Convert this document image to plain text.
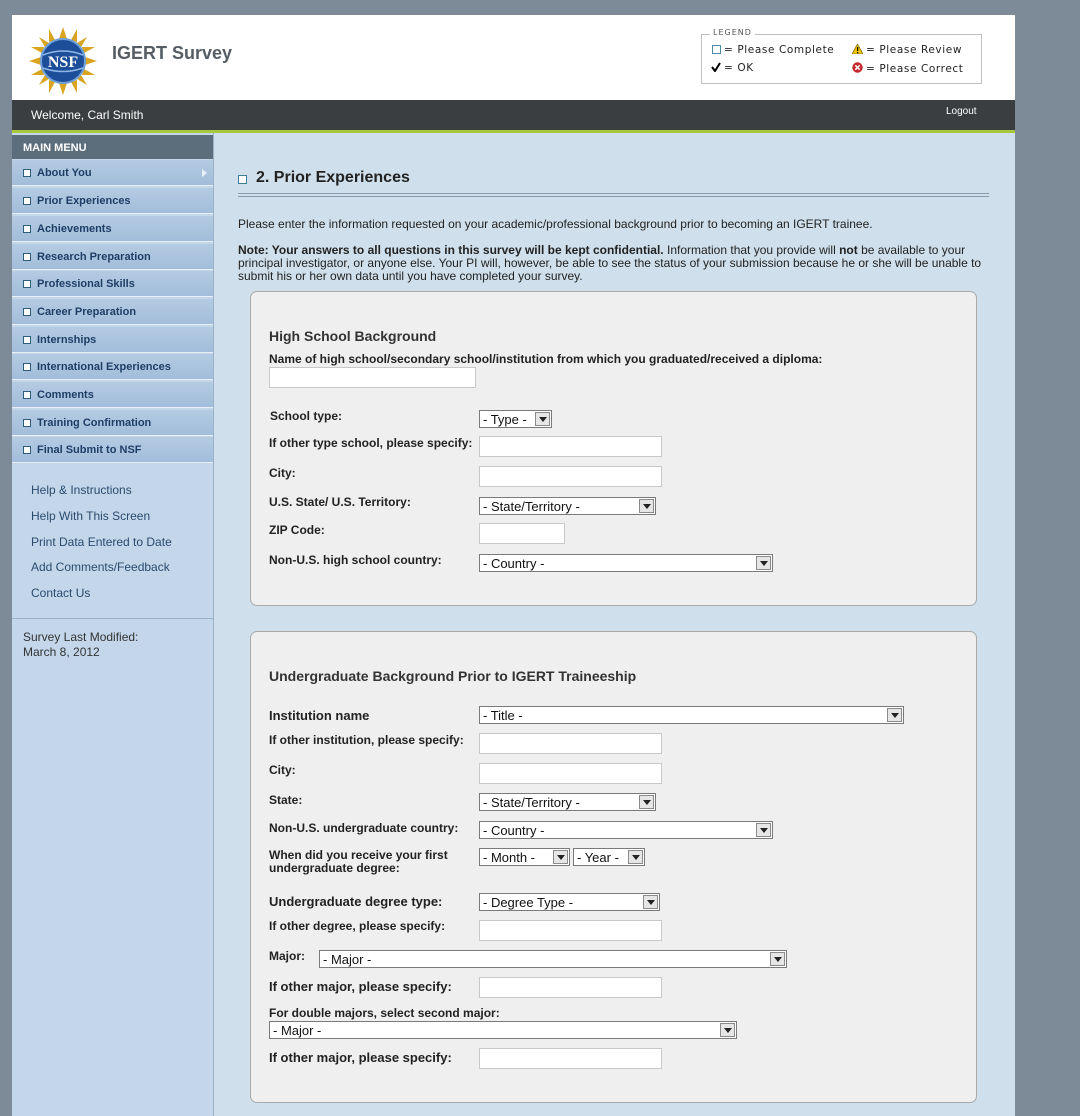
NSF IGERT Survey
LEGEND
= Please Complete	= Please Review
= OK	= Please Correct
Welcome, Carl Smith	Logout
MAIN MENU
About You
Prior Experiences
Achievements
Research Preparation
Professional Skills
Career Preparation
Internships
International Experiences
Comments
Training Confirmation
Final Submit to NSF
Help & Instructions
Help With This Screen
Print Data Entered to Date
Add Comments/Feedback
Contact Us
Survey Last Modified:
March 8, 2012
2. Prior Experiences
Please enter the information requested on your academic/professional background prior to becoming an IGERT trainee.
Note: Your answers to all questions in this survey will be kept confidential. Information that you provide will not be available to your principal investigator, or anyone else. Your PI will, however, be able to see the status of your submission because he or she will be unable to submit his or her own data until you have completed your survey.
High School Background
Name of high school/secondary school/institution from which you graduated/received a diploma:
School type:	- Type -
If other type school, please specify:
City:
U.S. State/ U.S. Territory:	- State/Territory -
ZIP Code:
Non-U.S. high school country:	- Country -
Undergraduate Background Prior to IGERT Traineeship
Institution name	- Title -
If other institution, please specify:
City:
State:	- State/Territory -
Non-U.S. undergraduate country:	- Country -
When did you receive your first
undergraduate degree:
- Month -	- Year -
Undergraduate degree type:	- Degree Type -
If other degree, please specify:
Major:	- Major -
If other major, please specify:
For double majors, select second major:
- Major -
If other major, please specify:
